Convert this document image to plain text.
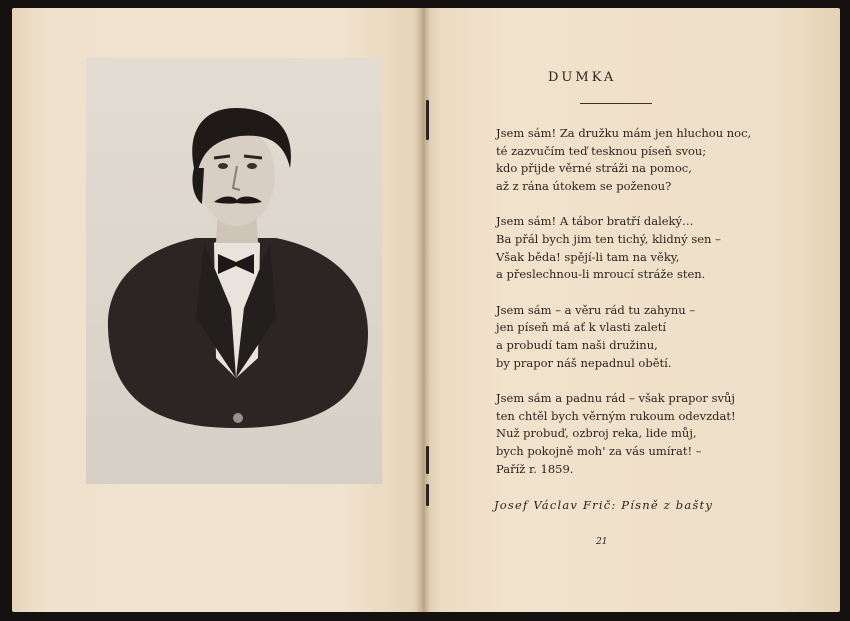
DUMKA
Jsem sám! Za družku mám jen hluchou noc,
té zazvučím teď tesknou píseň svou;
kdo přijde věrné stráži na pomoc,
až z rána útokem se poženou?
Jsem sám! A tábor bratří daleký…
Ba přál bych jim ten tichý, klidný sen –
Však běda! spějí-li tam na věky,
a přeslechnou-li mroucí stráže sten.
Jsem sám – a věru rád tu zahynu –
jen píseň má ať k vlasti zaletí
a probudí tam naši družinu,
by prapor náš nepadnul obětí.
Jsem sám a padnu rád – však prapor svůj
ten chtěl bych věrným rukoum odevzdat!
Nuž probuď, ozbroj reka, lide můj,
bych pokojně moh' za vás umírat! –
Paříž r. 1859.
Josef Václav Frič: Písně z bašty
21
